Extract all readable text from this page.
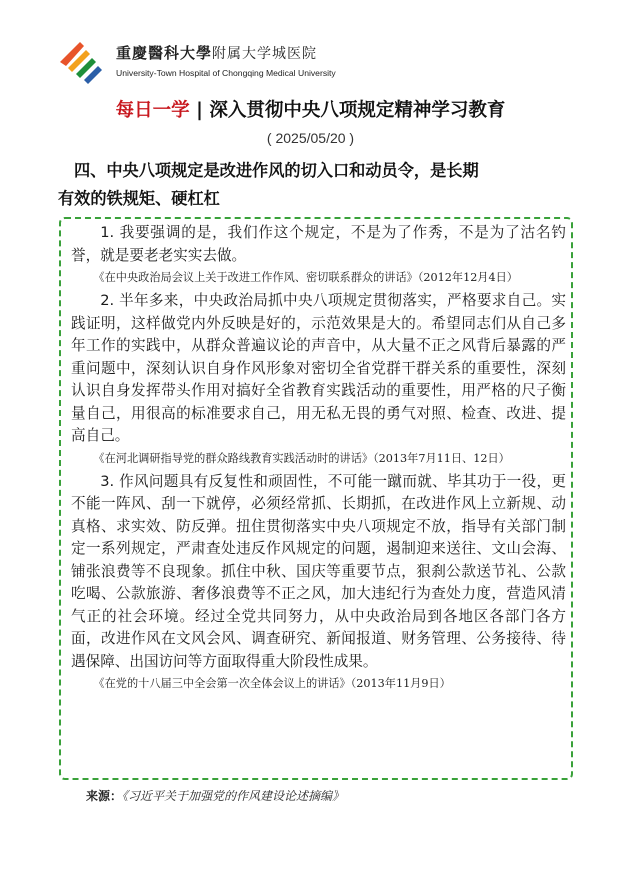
重慶醫科大學附属大学城医院
University-Town Hospital of Chongqing Medical University
每日一学 | 深入贯彻中央八项规定精神学习教育
( 2025/05/20 )
四、中央八项规定是改进作风的切入口和动员令，是长期
有效的铁规矩、硬杠杠

1. 我要强调的是，我们作这个规定，不是为了作秀，不是为了沽名钓誉，就是要老老实实去做。

《在中央政治局会议上关于改进工作作风、密切联系群众的讲话》（2012年12月4日）

2. 半年多来，中央政治局抓中央八项规定贯彻落实，严格要求自己。实践证明，这样做党内外反映是好的，示范效果是大的。希望同志们从自己多年工作的实践中，从群众普遍议论的声音中，从大量不正之风背后暴露的严重问题中，深刻认识自身作风形象对密切全省党群干群关系的重要性，深刻认识自身发挥带头作用对搞好全省教育实践活动的重要性，用严格的尺子衡量自己，用很高的标准要求自己，用无私无畏的勇气对照、检查、改进、提高自己。

《在河北调研指导党的群众路线教育实践活动时的讲话》（2013年7月11日、12日）

3. 作风问题具有反复性和顽固性，不可能一蹴而就、毕其功于一役，更不能一阵风、刮一下就停，必须经常抓、长期抓，在改进作风上立新规、动真格、求实效、防反弹。扭住贯彻落实中央八项规定不放，指导有关部门制定一系列规定，严肃查处违反作风规定的问题，遏制迎来送往、文山会海、铺张浪费等不良现象。抓住中秋、国庆等重要节点，狠刹公款送节礼、公款吃喝、公款旅游、奢侈浪费等不正之风，加大违纪行为查处力度，营造风清气正的社会环境。经过全党共同努力，从中央政治局到各地区各部门各方面，改进作风在文风会风、调查研究、新闻报道、财务管理、公务接待、待遇保障、出国访问等方面取得重大阶段性成果。

《在党的十八届三中全会第一次全体会议上的讲话》（2013年11月9日）

来源：《习近平关于加强党的作风建设论述摘编》
